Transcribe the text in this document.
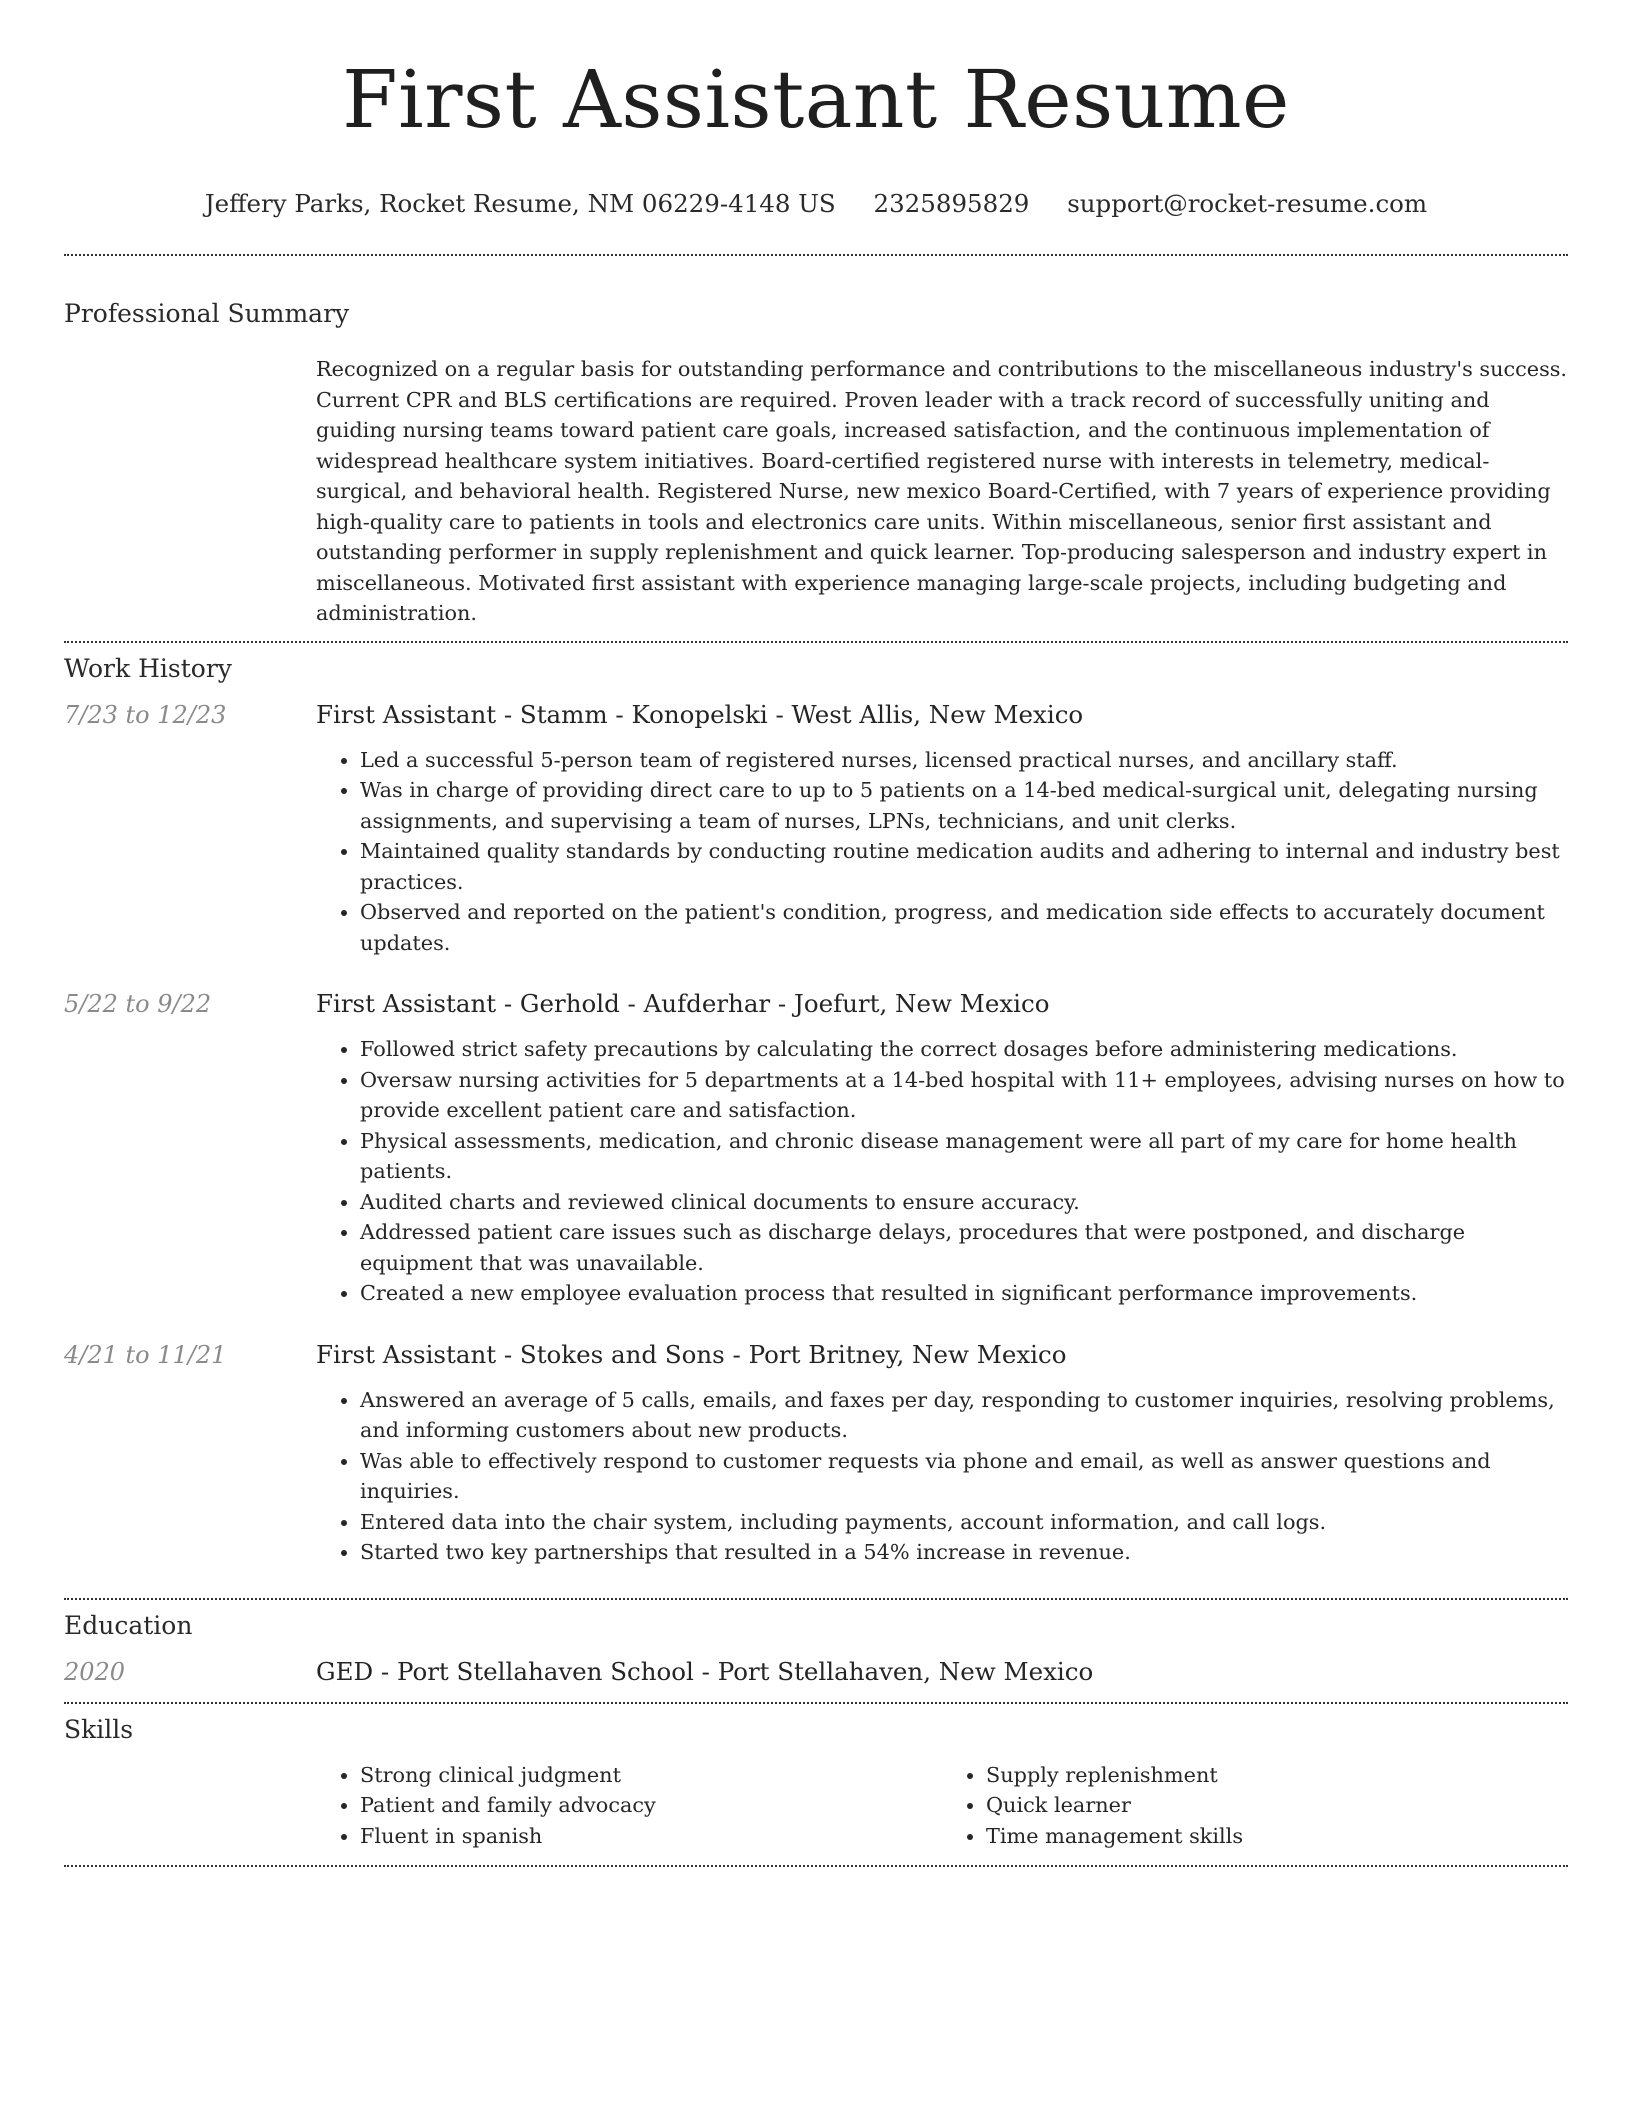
First Assistant Resume
Jeffery Parks, Rocket Resume, NM 06229-4148 US 2325895829 support@rocket-resume.com
Professional Summary
Recognized on a regular basis for outstanding performance and contributions to the miscellaneous industry's success. Current CPR and BLS certifications are required. Proven leader with a track record of successfully uniting and guiding nursing teams toward patient care goals, increased satisfaction, and the continuous implementation of widespread healthcare system initiatives. Board-certified registered nurse with interests in telemetry, medical-surgical, and behavioral health. Registered Nurse, new mexico Board-Certified, with 7 years of experience providing high-quality care to patients in tools and electronics care units. Within miscellaneous, senior first assistant and outstanding performer in supply replenishment and quick learner. Top-producing salesperson and industry expert in miscellaneous. Motivated first assistant with experience managing large-scale projects, including budgeting and administration.
Work History
7/23 to 12/23	First Assistant - Stamm - Konopelski - West Allis, New Mexico
• Led a successful 5-person team of registered nurses, licensed practical nurses, and ancillary staff.
• Was in charge of providing direct care to up to 5 patients on a 14-bed medical-surgical unit, delegating nursing assignments, and supervising a team of nurses, LPNs, technicians, and unit clerks.
• Maintained quality standards by conducting routine medication audits and adhering to internal and industry best practices.
• Observed and reported on the patient's condition, progress, and medication side effects to accurately document updates.
5/22 to 9/22	First Assistant - Gerhold - Aufderhar - Joefurt, New Mexico
• Followed strict safety precautions by calculating the correct dosages before administering medications.
• Oversaw nursing activities for 5 departments at a 14-bed hospital with 11+ employees, advising nurses on how to provide excellent patient care and satisfaction.
• Physical assessments, medication, and chronic disease management were all part of my care for home health patients.
• Audited charts and reviewed clinical documents to ensure accuracy.
• Addressed patient care issues such as discharge delays, procedures that were postponed, and discharge equipment that was unavailable.
• Created a new employee evaluation process that resulted in significant performance improvements.
4/21 to 11/21	First Assistant - Stokes and Sons - Port Britney, New Mexico
• Answered an average of 5 calls, emails, and faxes per day, responding to customer inquiries, resolving problems, and informing customers about new products.
• Was able to effectively respond to customer requests via phone and email, as well as answer questions and inquiries.
• Entered data into the chair system, including payments, account information, and call logs.
• Started two key partnerships that resulted in a 54% increase in revenue.
Education
2020	GED - Port Stellahaven School - Port Stellahaven, New Mexico
Skills
• Strong clinical judgment
• Patient and family advocacy
• Fluent in spanish
• Supply replenishment
• Quick learner
• Time management skills
